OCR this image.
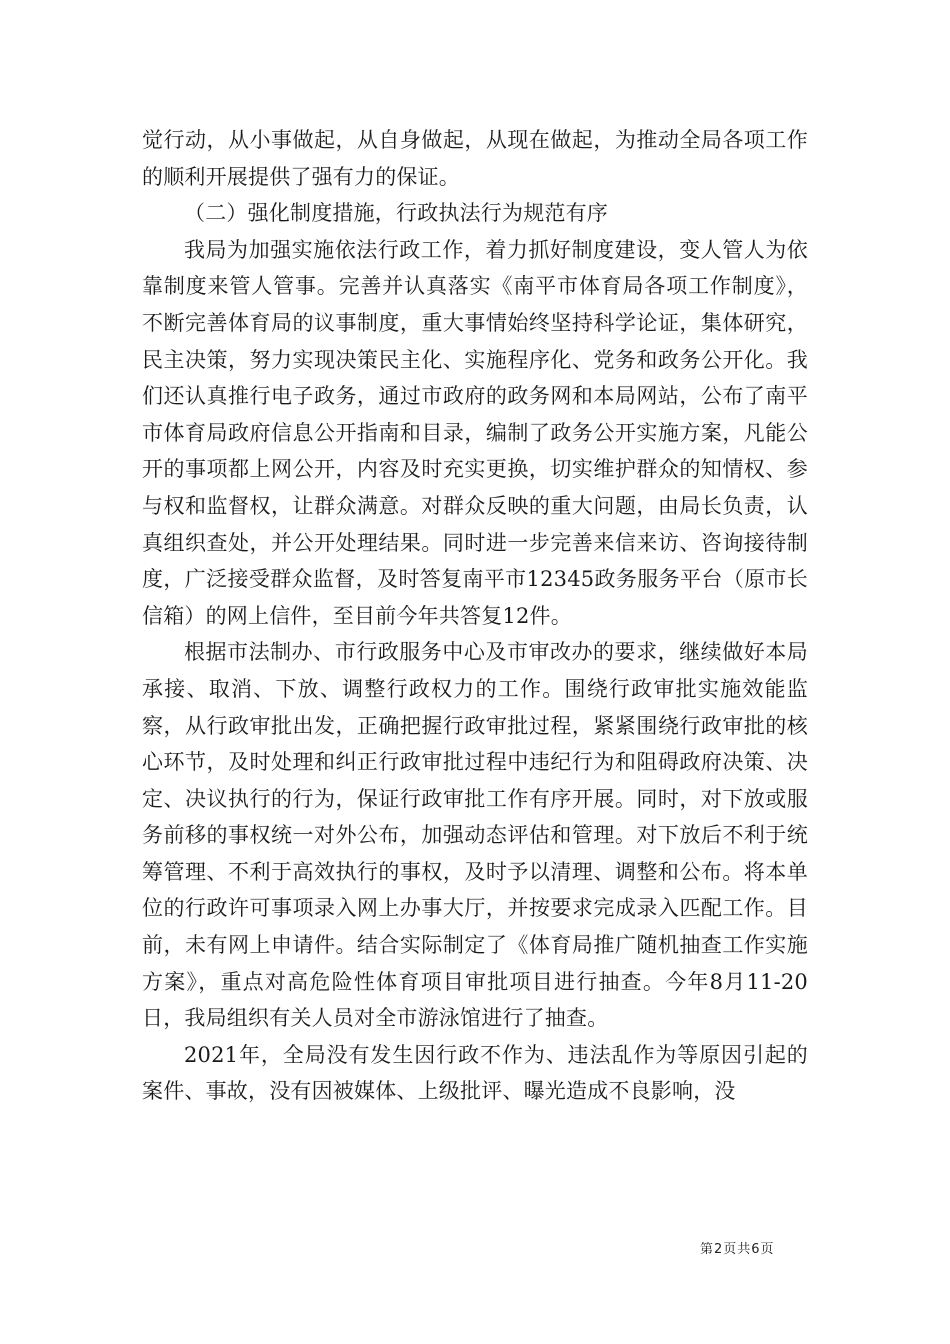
觉行动，从小事做起，从自身做起，从现在做起，为推动全局各项工作的顺利开展提供了强有力的保证。

（二）强化制度措施，行政执法行为规范有序

我局为加强实施依法行政工作，着力抓好制度建设，变人管人为依靠制度来管人管事。完善并认真落实《南平市体育局各项工作制度》，不断完善体育局的议事制度，重大事情始终坚持科学论证，集体研究，民主决策，努力实现决策民主化、实施程序化、党务和政务公开化。我们还认真推行电子政务，通过市政府的政务网和本局网站，公布了南平市体育局政府信息公开指南和目录，编制了政务公开实施方案，凡能公开的事项都上网公开，内容及时充实更换，切实维护群众的知情权、参与权和监督权，让群众满意。对群众反映的重大问题，由局长负责，认真组织查处，并公开处理结果。同时进一步完善来信来访、咨询接待制度，广泛接受群众监督，及时答复南平市12345政务服务平台（原市长信箱）的网上信件，至目前今年共答复12件。

根据市法制办、市行政服务中心及市审改办的要求，继续做好本局承接、取消、下放、调整行政权力的工作。围绕行政审批实施效能监察，从行政审批出发，正确把握行政审批过程，紧紧围绕行政审批的核心环节，及时处理和纠正行政审批过程中违纪行为和阻碍政府决策、决定、决议执行的行为，保证行政审批工作有序开展。同时，对下放或服务前移的事权统一对外公布，加强动态评估和管理。对下放后不利于统筹管理、不利于高效执行的事权，及时予以清理、调整和公布。将本单位的行政许可事项录入网上办事大厅，并按要求完成录入匹配工作。目前，未有网上申请件。结合实际制定了《体育局推广随机抽查工作实施方案》，重点对高危险性体育项目审批项目进行抽查。今年8月11-20日，我局组织有关人员对全市游泳馆进行了抽查。

2021年，全局没有发生因行政不作为、违法乱作为等原因引起的案件、事故，没有因被媒体、上级批评、曝光造成不良影响，没

第2页共6页
